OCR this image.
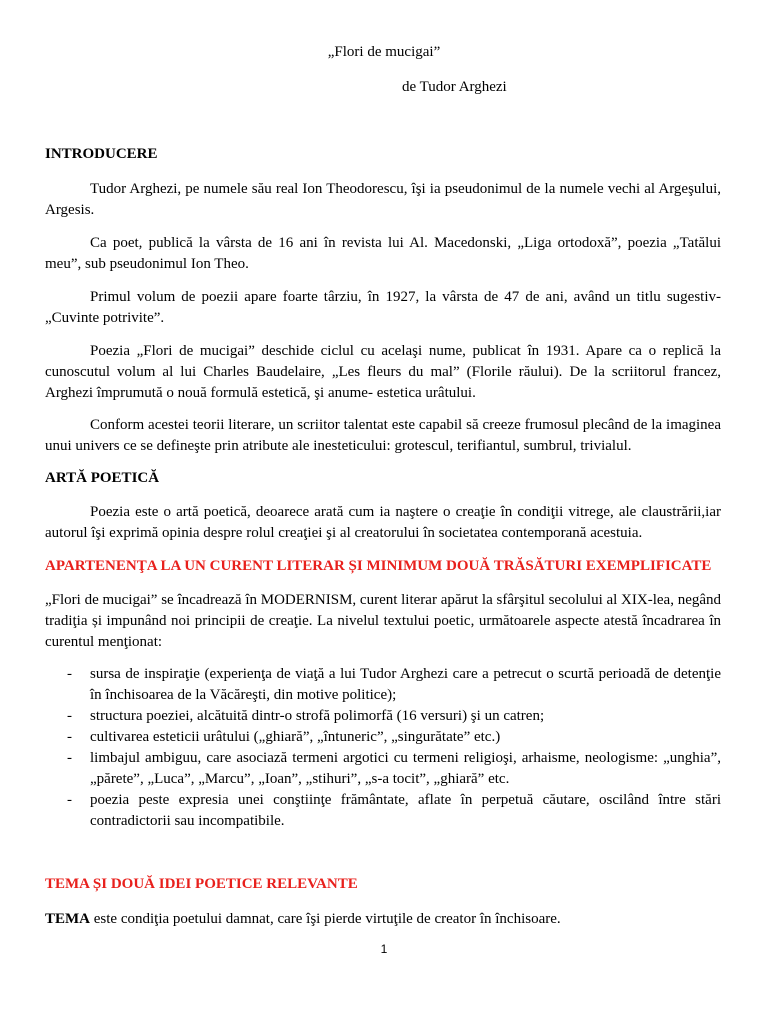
„Flori de mucigai”
de Tudor Arghezi
INTRODUCERE
Tudor Arghezi, pe numele său real Ion Theodorescu, îşi ia pseudonimul de la numele vechi al Argeşului, Argesis.
Ca poet, publică la vârsta de 16 ani în revista lui Al. Macedonski, „Liga ortodoxă”, poezia „Tatălui meu”, sub pseudonimul Ion Theo.
Primul volum de poezii apare foarte târziu, în 1927, la vârsta de 47 de ani, având un titlu sugestiv- „Cuvinte potrivite”.
Poezia „Flori de mucigai” deschide ciclul cu acelaşi nume, publicat în 1931. Apare ca o replică la cunoscutul volum al lui Charles Baudelaire, „Les fleurs du mal” (Florile răului). De la scriitorul francez, Arghezi împrumută o nouă formulă estetică, şi anume- estetica urâtului.
Conform acestei teorii literare, un scriitor talentat este capabil să creeze frumosul plecând de la imaginea unui univers ce se defineşte prin atribute ale inesteticului: grotescul, terifiantul, sumbrul, trivialul.
ARTĂ POETICĂ
Poezia este o artă poetică, deoarece arată cum ia naştere o creaţie în condiţii vitrege, ale claustrării,iar autorul îşi exprimă opinia despre rolul creaţiei şi al creatorului în societatea contemporană acestuia.
APARTENENŢA LA UN CURENT LITERAR ȘI MINIMUM DOUĂ TRĂSĂTURI EXEMPLIFICATE
„Flori de mucigai” se încadrează în MODERNISM, curent literar apărut la sfârşitul secolului al XIX-lea, negând tradiţia și impunând noi principii de creaţie. La nivelul textului poetic, următoarele aspecte atestă încadrarea în curentul menţionat:
- sursa de inspiraţie (experienţa de viaţă a lui Tudor Arghezi care a petrecut o scurtă perioadă de detenţie în închisoarea de la Văcăreşti, din motive politice);
- structura poeziei, alcătuită dintr-o strofă polimorfă (16 versuri) şi un catren;
- cultivarea esteticii urâtului („ghiară”, „întuneric”, „singurătate” etc.)
- limbajul ambiguu, care asociază termeni argotici cu termeni religioşi, arhaisme, neologisme: „unghia”, „părete”, „Luca”, „Marcu”, „Ioan”, „stihuri”, „s-a tocit”, „ghiară” etc.
- poezia peste expresia unei conştiinţe frământate, aflate în perpetuă căutare, oscilând între stări contradictorii sau incompatibile.
TEMA ȘI DOUĂ IDEI POETICE RELEVANTE
TEMA este condiţia poetului damnat, care îşi pierde virtuţile de creator în închisoare.
1
